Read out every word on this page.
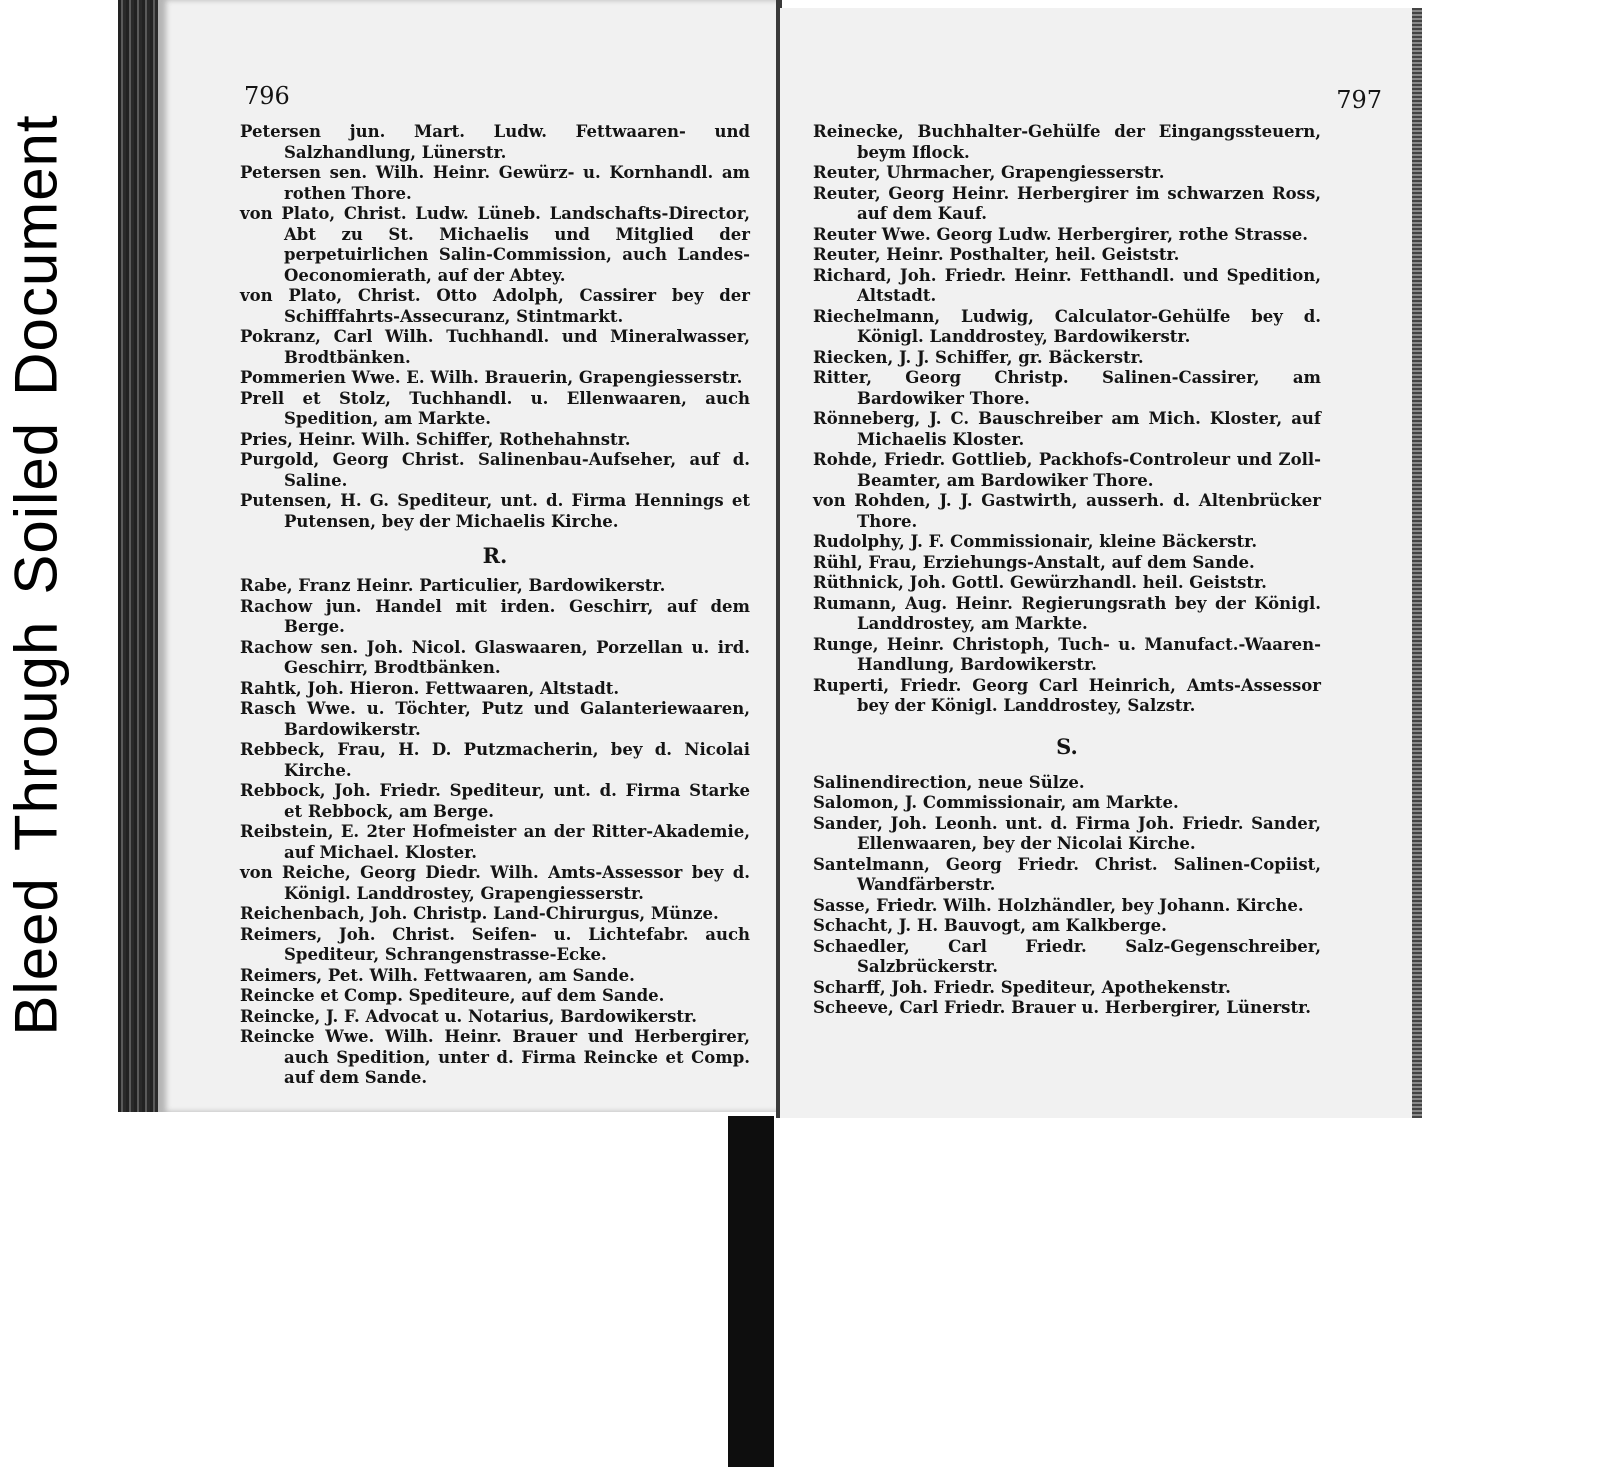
BleedThroughSoiledDocument
796

Petersen jun. Mart. Ludw. Fettwaaren- und Salzhandlung, Lünerstr.

Petersen sen. Wilh. Heinr. Gewürz- u. Kornhandl. am rothen Thore.

von Plato, Christ. Ludw. Lüneb. Landschafts-Director, Abt zu St. Michaelis und Mitglied der perpetuirlichen Salin-Commission, auch Landes-Oeconomierath, auf der Abtey.

von Plato, Christ. Otto Adolph, Cassirer bey der Schifffahrts-Assecuranz, Stintmarkt.

Pokranz, Carl Wilh. Tuchhandl. und Mineralwasser, Brodtbänken.

Pommerien Wwe. E. Wilh. Brauerin, Grapengiesserstr.

Prell et Stolz, Tuchhandl. u. Ellenwaaren, auch Spedition, am Markte.

Pries, Heinr. Wilh. Schiffer, Rothehahnstr.

Purgold, Georg Christ. Salinenbau-Aufseher, auf d. Saline.

Putensen, H. G. Spediteur, unt. d. Firma Hennings et Putensen, bey der Michaelis Kirche.

R.

Rabe, Franz Heinr. Particulier, Bardowikerstr.

Rachow jun. Handel mit irden. Geschirr, auf dem Berge.

Rachow sen. Joh. Nicol. Glaswaaren, Porzellan u. ird. Geschirr, Brodtbänken.

Rahtk, Joh. Hieron. Fettwaaren, Altstadt.

Rasch Wwe. u. Töchter, Putz und Galanteriewaaren, Bardowikerstr.

Rebbeck, Frau, H. D. Putzmacherin, bey d. Nicolai Kirche.

Rebbock, Joh. Friedr. Spediteur, unt. d. Firma Starke et Rebbock, am Berge.

Reibstein, E. 2ter Hofmeister an der Ritter-Akademie, auf Michael. Kloster.

von Reiche, Georg Diedr. Wilh. Amts-Assessor bey d. Königl. Landdrostey, Grapengiesserstr.

Reichenbach, Joh. Christp. Land-Chirurgus, Münze.

Reimers, Joh. Christ. Seifen- u. Lichtefabr. auch Spediteur, Schrangenstrasse-Ecke.

Reimers, Pet. Wilh. Fettwaaren, am Sande.

Reincke et Comp. Spediteure, auf dem Sande.

Reincke, J. F. Advocat u. Notarius, Bardowikerstr.

Reincke Wwe. Wilh. Heinr. Brauer und Herbergirer, auch Spedition, unter d. Firma Reincke et Comp. auf dem Sande.

797

Reinecke, Buchhalter-Gehülfe der Eingangssteuern, beym Iflock.

Reuter, Uhrmacher, Grapengiesserstr.

Reuter, Georg Heinr. Herbergirer im schwarzen Ross, auf dem Kauf.

Reuter Wwe. Georg Ludw. Herbergirer, rothe Strasse.

Reuter, Heinr. Posthalter, heil. Geiststr.

Richard, Joh. Friedr. Heinr. Fetthandl. und Spedition, Altstadt.

Riechelmann, Ludwig, Calculator-Gehülfe bey d. Königl. Landdrostey, Bardowikerstr.

Riecken, J. J. Schiffer, gr. Bäckerstr.

Ritter, Georg Christp. Salinen-Cassirer, am Bardowiker Thore.

Rönneberg, J. C. Bauschreiber am Mich. Kloster, auf Michaelis Kloster.

Rohde, Friedr. Gottlieb, Packhofs-Controleur und Zoll-Beamter, am Bardowiker Thore.

von Rohden, J. J. Gastwirth, ausserh. d. Altenbrücker Thore.

Rudolphy, J. F. Commissionair, kleine Bäckerstr.

Rühl, Frau, Erziehungs-Anstalt, auf dem Sande.

Rüthnick, Joh. Gottl. Gewürzhandl. heil. Geiststr.

Rumann, Aug. Heinr. Regierungsrath bey der Königl. Landdrostey, am Markte.

Runge, Heinr. Christoph, Tuch- u. Manufact.-Waaren-Handlung, Bardowikerstr.

Ruperti, Friedr. Georg Carl Heinrich, Amts-Assessor bey der Königl. Landdrostey, Salzstr.

S.

Salinendirection, neue Sülze.

Salomon, J. Commissionair, am Markte.

Sander, Joh. Leonh. unt. d. Firma Joh. Friedr. Sander, Ellenwaaren, bey der Nicolai Kirche.

Santelmann, Georg Friedr. Christ. Salinen-Copiist, Wandfärberstr.

Sasse, Friedr. Wilh. Holzhändler, bey Johann. Kirche.

Schacht, J. H. Bauvogt, am Kalkberge.

Schaedler, Carl Friedr. Salz-Gegenschreiber, Salzbrückerstr.

Scharff, Joh. Friedr. Spediteur, Apothekenstr.

Scheeve, Carl Friedr. Brauer u. Herbergirer, Lünerstr.
